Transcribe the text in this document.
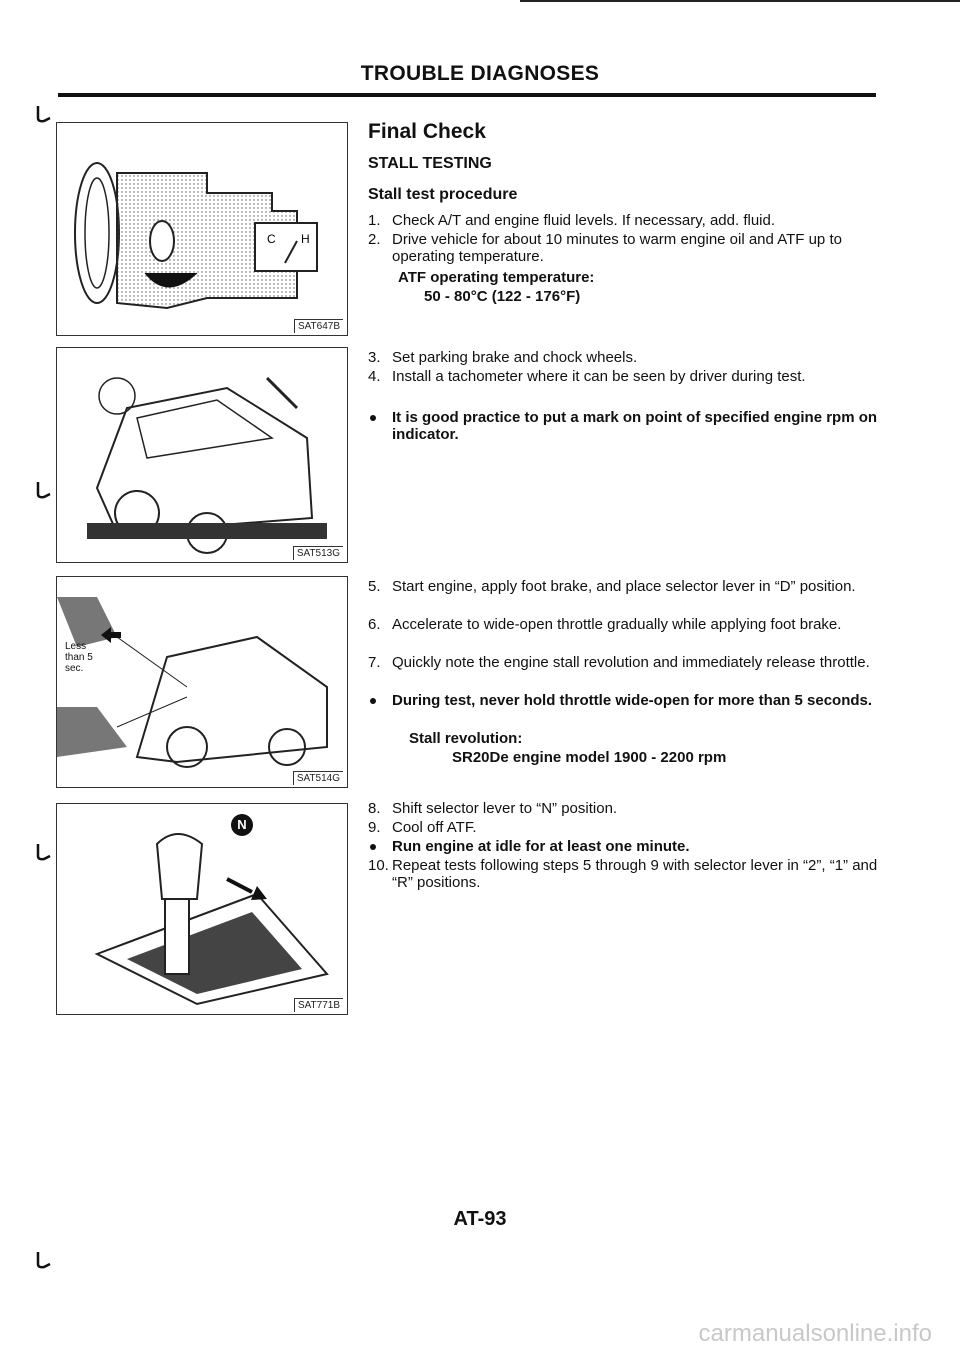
TROUBLE DIAGNOSES
C H
SAT647B
SAT513G
Less than 5 sec.
SAT514G
N
SAT771B
Final Check
STALL TESTING
Stall test procedure
1. Check A/T and engine fluid levels. If necessary, add. fluid.
2. Drive vehicle for about 10 minutes to warm engine oil and ATF up to operating temperature.
ATF operating temperature:
50 - 80°C (122 - 176°F)
3. Set parking brake and chock wheels.
4. Install a tachometer where it can be seen by driver during test.
It is good practice to put a mark on point of specified engine rpm on indicator.
5. Start engine, apply foot brake, and place selector lever in “D” position.
6. Accelerate to wide-open throttle gradually while applying foot brake.
7. Quickly note the engine stall revolution and immediately release throttle.
During test, never hold throttle wide-open for more than 5 seconds.
Stall revolution:
SR20De engine model 1900 - 2200 rpm
8. Shift selector lever to “N” position.
9. Cool off ATF.
Run engine at idle for at least one minute.
10. Repeat tests following steps 5 through 9 with selector lever in “2”, “1” and “R” positions.
AT-93
carmanualsonline.info
